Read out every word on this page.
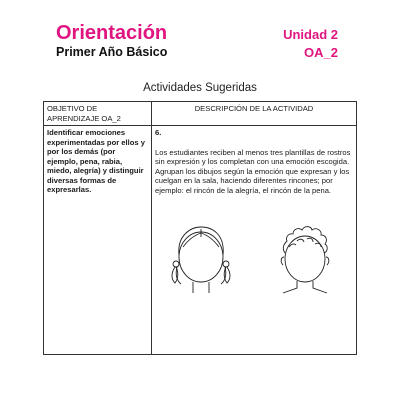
Orientación
Primer Año Básico
Unidad 2
OA_2
Actividades Sugeridas
OBJETIVO DE APRENDIZAJE OA_2	DESCRIPCIÓN DE LA ACTIVIDAD

Identificar emociones experimentadas por ellos y por los demás (por ejemplo, pena, rabia, miedo, alegría) y distinguir diversas formas de expresarlas.	6.
Los estudiantes reciben al menos tres plantillas de rostros sin expresión y los completan con una emoción escogida. Agrupan los dibujos según la emoción que expresan y los cuelgan en la sala, haciendo diferentes rincones; por ejemplo: el rincón de la alegría, el rincón de la pena.
